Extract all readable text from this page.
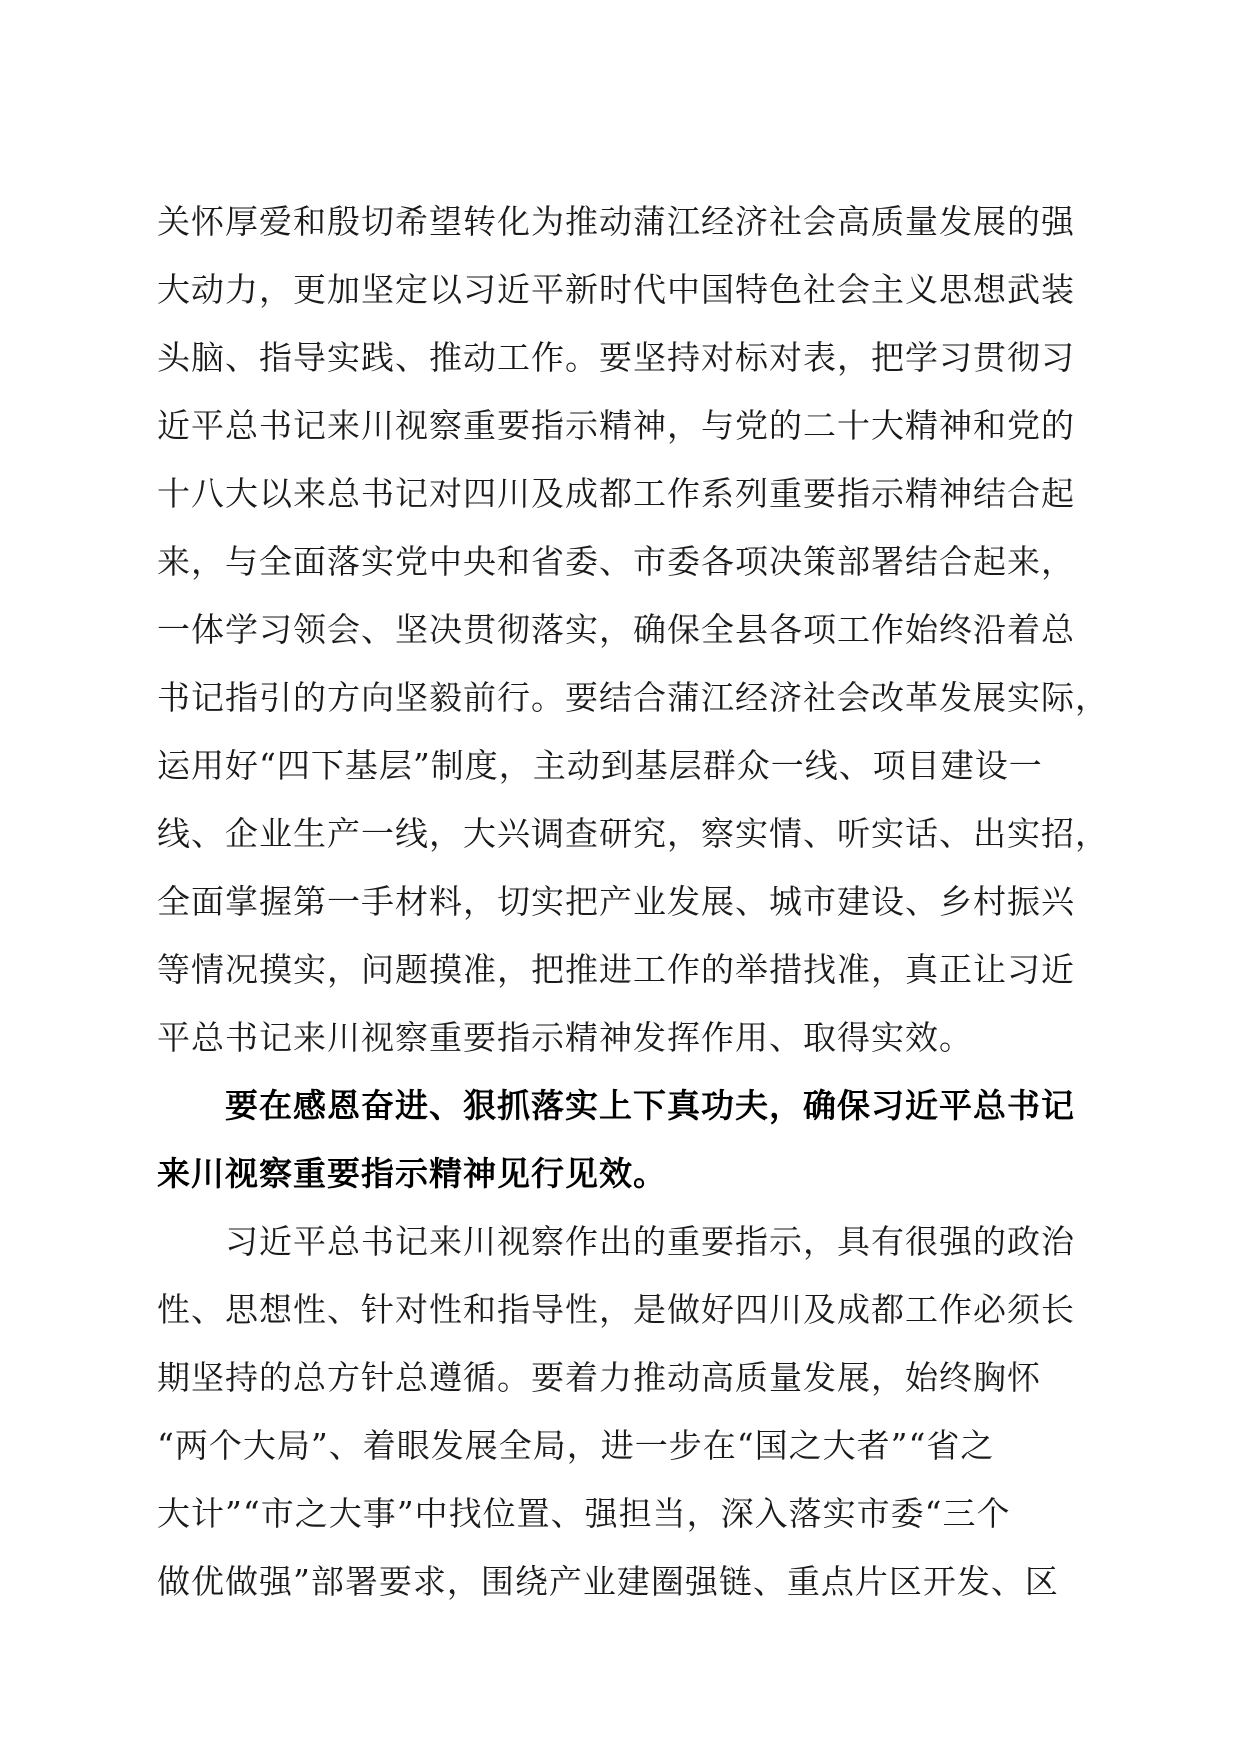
关怀厚爱和殷切希望转化为推动蒲江经济社会高质量发展的强
大动力，更加坚定以习近平新时代中国特色社会主义思想武装
头脑、指导实践、推动工作。要坚持对标对表，把学习贯彻习
近平总书记来川视察重要指示精神，与党的二十大精神和党的
十八大以来总书记对四川及成都工作系列重要指示精神结合起
来，与全面落实党中央和省委、市委各项决策部署结合起来，
一体学习领会、坚决贯彻落实，确保全县各项工作始终沿着总
书记指引的方向坚毅前行。要结合蒲江经济社会改革发展实际，
运用好“四下基层”制度，主动到基层群众一线、项目建设一
线、企业生产一线，大兴调查研究，察实情、听实话、出实招，
全面掌握第一手材料，切实把产业发展、城市建设、乡村振兴
等情况摸实，问题摸准，把推进工作的举措找准，真正让习近
平总书记来川视察重要指示精神发挥作用、取得实效。
　　要在感恩奋进、狠抓落实上下真功夫，确保习近平总书记
来川视察重要指示精神见行见效。
　　习近平总书记来川视察作出的重要指示，具有很强的政治
性、思想性、针对性和指导性，是做好四川及成都工作必须长
期坚持的总方针总遵循。要着力推动高质量发展，始终胸怀
“两个大局”、着眼发展全局，进一步在“国之大者”“省之
大计”“市之大事”中找位置、强担当，深入落实市委“三个
做优做强”部署要求，围绕产业建圈强链、重点片区开发、区
